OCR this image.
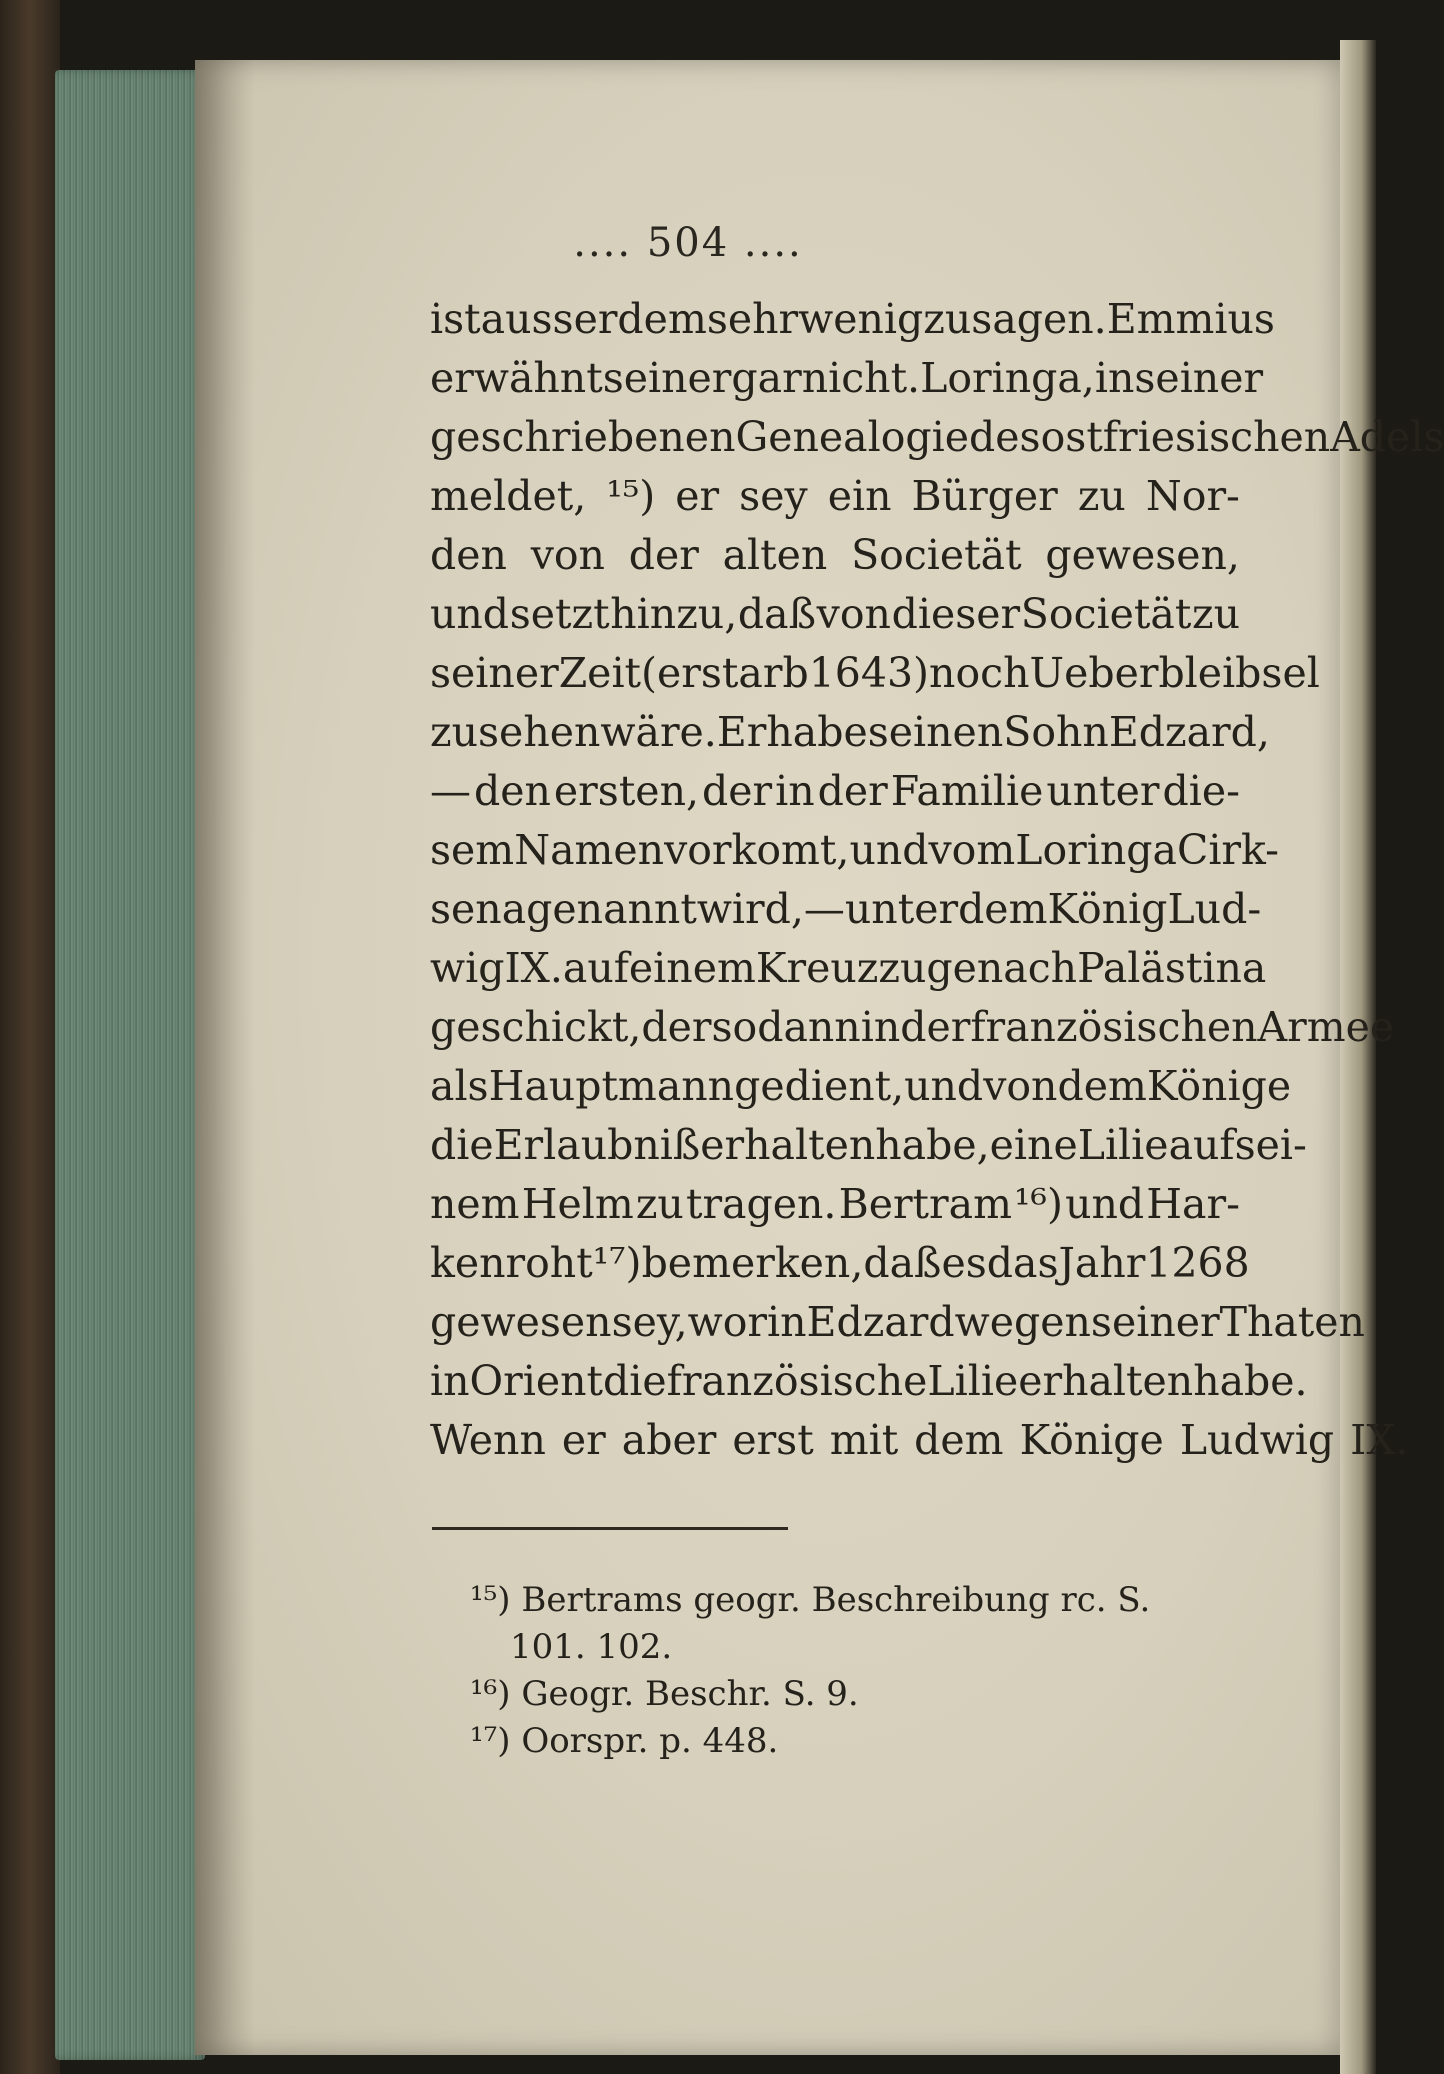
.... 504 ....
ist ausserdem sehr wenig zu sagen. Emmius
erwähnt seiner gar nicht. Loringa, in seiner
geschriebenen Genealogie des ostfriesischen Adels
meldet, ¹⁵) er sey ein Bürger zu Nor-
den von der alten Societät gewesen,
und setzt hinzu, daß von dieser Societät zu
seiner Zeit (er starb 1643) noch Ueberbleibsel
zu sehen wäre. Er habe seinen Sohn Edzard,
— den ersten, der in der Familie unter die-
sem Namen vorkomt, und vom Loringa Cirk-
sena genannt wird, — unter dem König Lud-
wig IX. auf einem Kreuzzuge nach Palästina
geschickt, der sodann in der französischen Armee
als Hauptmann gedient, und von dem Könige
die Erlaubniß erhalten habe, eine Lilie auf sei-
nem Helm zu tragen. Bertram ¹⁶) und Har-
kenroht ¹⁷) bemerken, daß es das Jahr 1268
gewesen sey, worin Edzard wegen seiner Thaten
in Orient die französische Lilie erhalten habe.
Wenn er aber erst mit dem Könige Ludwig IX.
¹⁵) Bertrams geogr. Beschreibung rc. S.
101. 102.
¹⁶) Geogr. Beschr. S. 9.
¹⁷) Oorspr. p. 448.
